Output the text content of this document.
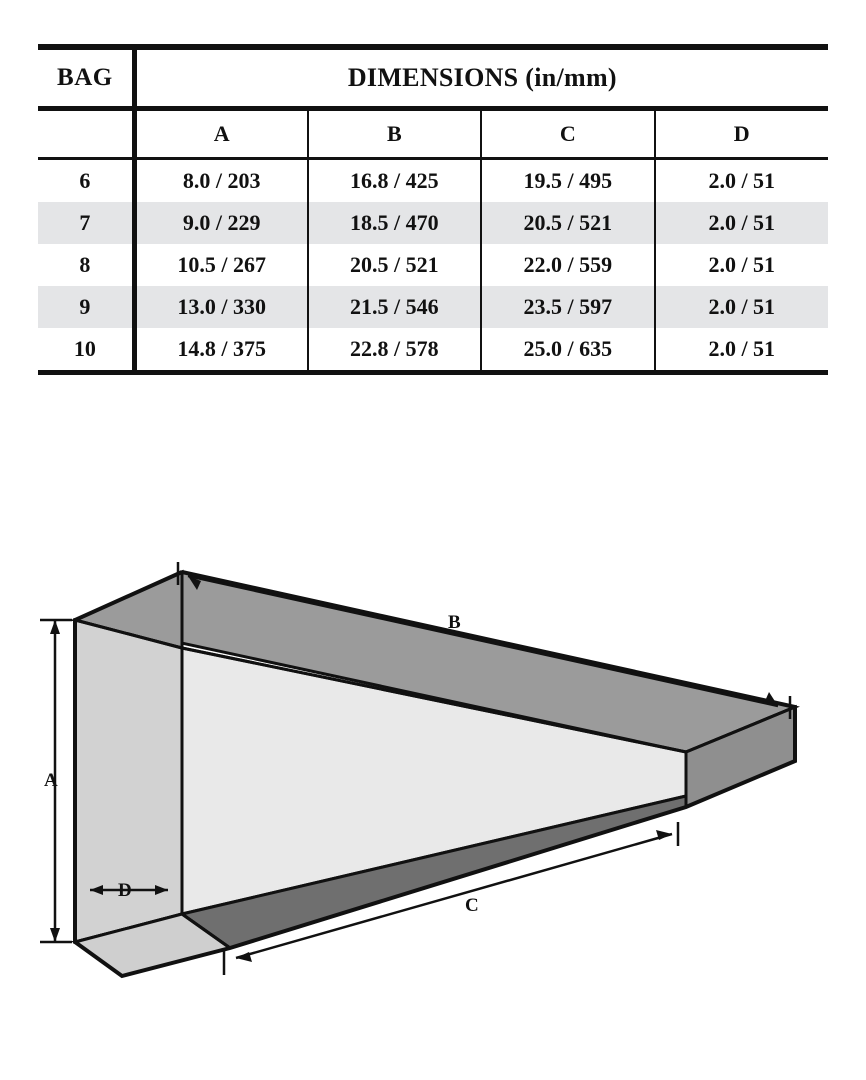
BAG	DIMENSIONS (in/mm)			
	A	B	C	D
6	8.0 / 203	16.8 / 425	19.5 / 495	2.0 / 51
7	9.0 / 229	18.5 / 470	20.5 / 521	2.0 / 51
8	10.5 / 267	20.5 / 521	22.0 / 559	2.0 / 51
9	13.0 / 330	21.5 / 546	23.5 / 597	2.0 / 51
10	14.8 / 375	22.8 / 578	25.0 / 635	2.0 / 51
A
B
C
D
